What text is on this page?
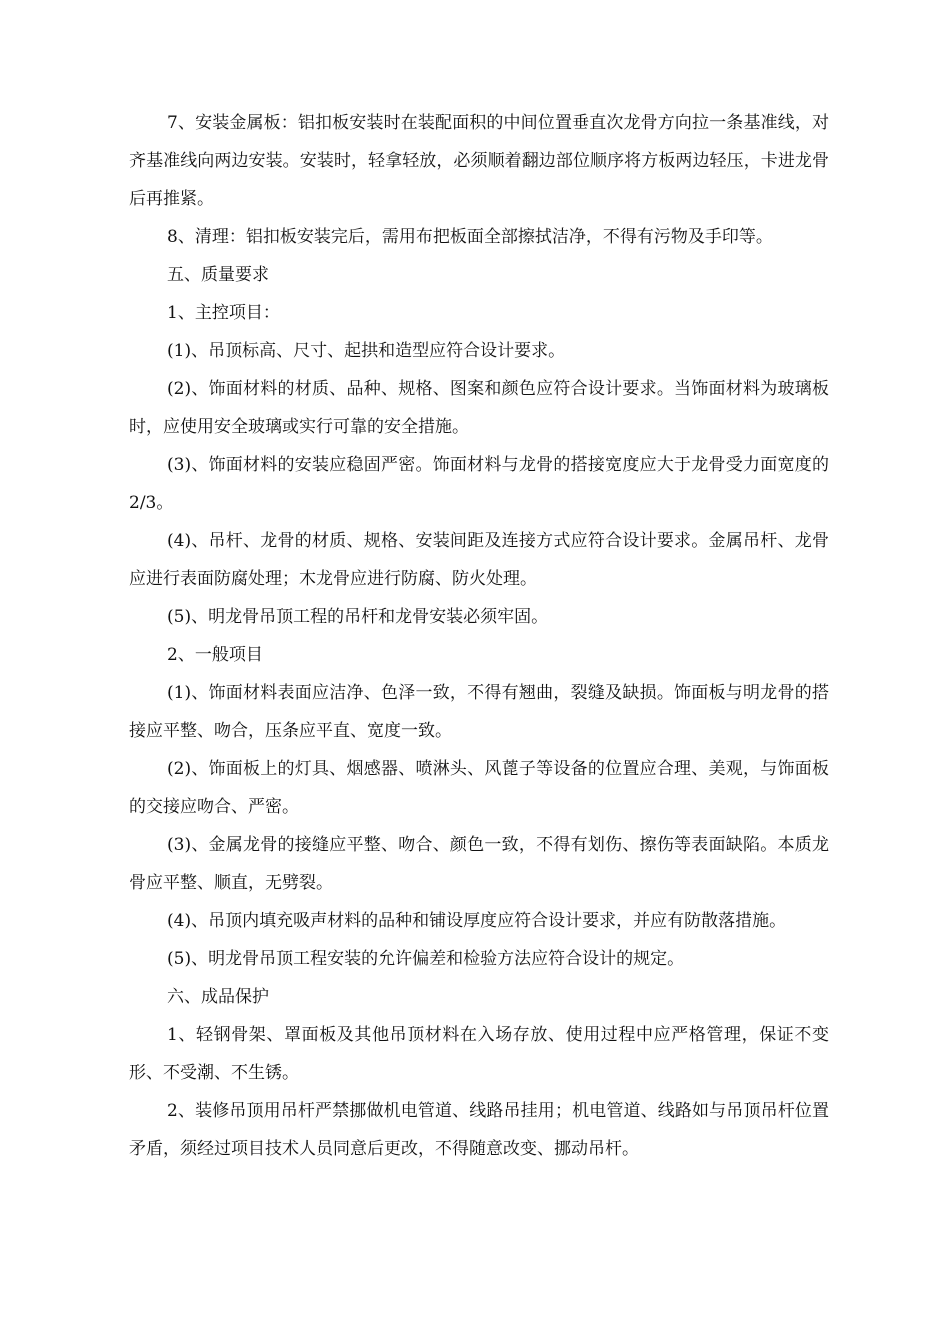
7、安装金属板：铝扣板安装时在装配面积的中间位置垂直次龙骨方向拉一条基准线，对齐基准线向两边安装。安装时，轻拿轻放，必须顺着翻边部位顺序将方板两边轻压，卡进龙骨后再推紧。

8、清理：铝扣板安装完后，需用布把板面全部擦拭洁净，不得有污物及手印等。

五、质量要求

1、主控项目：

(1)、吊顶标高、尺寸、起拱和造型应符合设计要求。

(2)、饰面材料的材质、品种、规格、图案和颜色应符合设计要求。当饰面材料为玻璃板时，应使用安全玻璃或实行可靠的安全措施。

(3)、饰面材料的安装应稳固严密。饰面材料与龙骨的搭接宽度应大于龙骨受力面宽度的2/3。

(4)、吊杆、龙骨的材质、规格、安装间距及连接方式应符合设计要求。金属吊杆、龙骨应进行表面防腐处理；木龙骨应进行防腐、防火处理。

(5)、明龙骨吊顶工程的吊杆和龙骨安装必须牢固。

2、一般项目

(1)、饰面材料表面应洁净、色泽一致，不得有翘曲，裂缝及缺损。饰面板与明龙骨的搭接应平整、吻合，压条应平直、宽度一致。

(2)、饰面板上的灯具、烟感器、喷淋头、风蓖子等设备的位置应合理、美观，与饰面板的交接应吻合、严密。

(3)、金属龙骨的接缝应平整、吻合、颜色一致，不得有划伤、擦伤等表面缺陷。本质龙骨应平整、顺直，无劈裂。

(4)、吊顶内填充吸声材料的品种和铺设厚度应符合设计要求，并应有防散落措施。

(5)、明龙骨吊顶工程安装的允许偏差和检验方法应符合设计的规定。

六、成品保护

1、轻钢骨架、罩面板及其他吊顶材料在入场存放、使用过程中应严格管理，保证不变形、不受潮、不生锈。

2、装修吊顶用吊杆严禁挪做机电管道、线路吊挂用；机电管道、线路如与吊顶吊杆位置矛盾，须经过项目技术人员同意后更改，不得随意改变、挪动吊杆。
